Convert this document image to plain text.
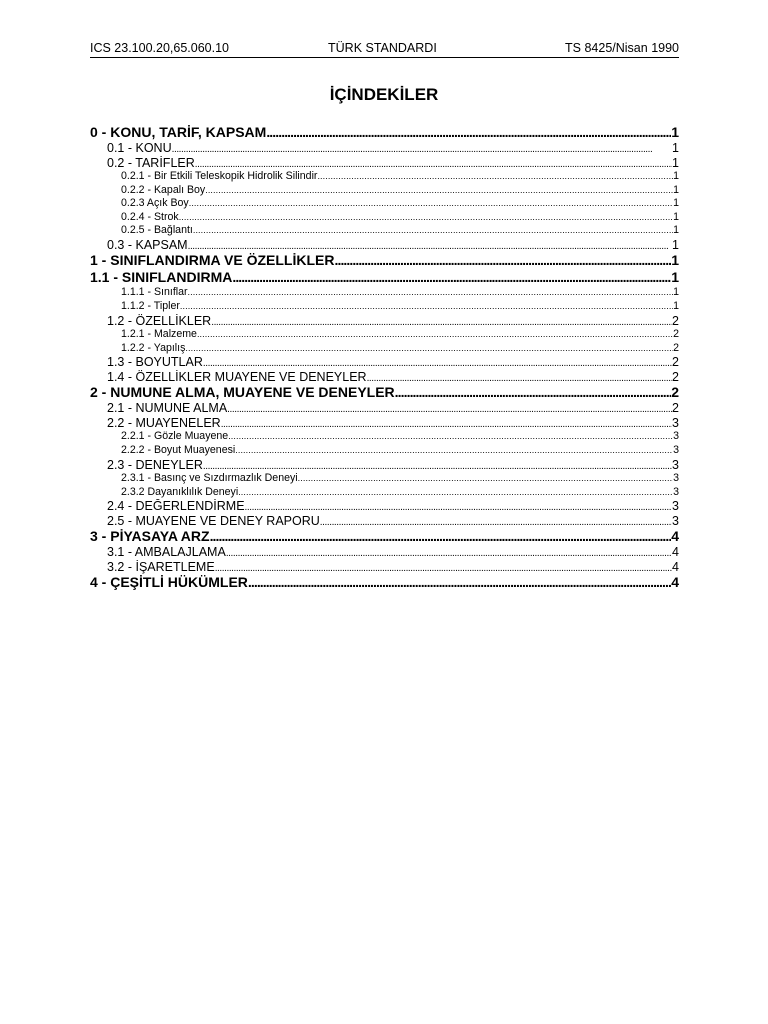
ICS 23.100.20,65.060.10	TÜRK STANDARDI	TS 8425/Nisan 1990
İÇİNDEKİLER
0 - KONU, TARİF, KAPSAM . . .	1
0.1 - KONU . . .	1
0.2 - TARİFLER . . .	1
0.2.1 - Bir Etkili Teleskopik Hidrolik Silindir . . .	1
0.2.2 - Kapalı Boy . . .	1
0.2.3 Açık Boy . . .	1
0.2.4 - Strok . . .	1
0.2.5 - Bağlantı . . .	1
0.3 - KAPSAM . . .	1
1 - SINIFLANDIRMA VE ÖZELLİKLER . . .	1
1.1 - SINIFLANDIRMA . . .	1
1.1.1 - Sınıflar . . .	1
1.1.2 - Tipler . . .	1
1.2 - ÖZELLİKLER . . .	2
1.2.1 - Malzeme . . .	2
1.2.2 - Yapılış . . .	2
1.3 - BOYUTLAR . . .	2
1.4 - ÖZELLİKLER MUAYENE VE DENEYLER . . .	2
2 - NUMUNE ALMA, MUAYENE VE DENEYLER . . .	2
2.1 - NUMUNE ALMA . . .	2
2.2 - MUAYENELER . . .	3
2.2.1 - Gözle Muayene . . .	3
2.2.2 - Boyut Muayenesi . . .	3
2.3 - DENEYLER . . .	3
2.3.1 - Basınç ve Sızdırmazlık Deneyi . . .	3
2.3.2 Dayanıklılık Deneyi . . .	3
2.4 - DEĞERLENDİRME . . .	3
2.5 - MUAYENE VE DENEY RAPORU . . .	3
3 - PİYASAYA ARZ . . .	4
3.1 - AMBALAJLAMA . . .	4
3.2 - İŞARETLEME . . .	4
4 - ÇEŞİTLİ HÜKÜMLER . . .	4
